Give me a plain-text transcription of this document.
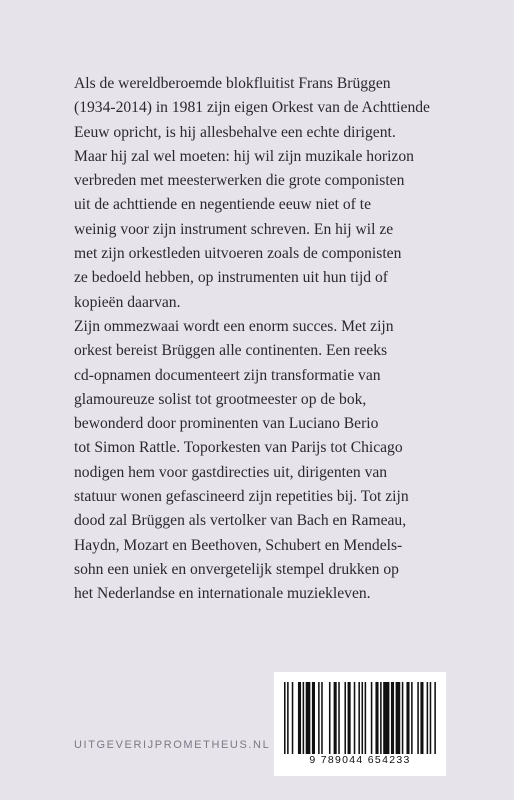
Als de wereldberoemde blokfluitist Frans Brüggen
(1934-2014) in 1981 zijn eigen Orkest van de Achttiende
Eeuw opricht, is hij allesbehalve een echte dirigent.
Maar hij zal wel moeten: hij wil zijn muzikale horizon
verbreden met meesterwerken die grote componisten
uit de achttiende en negentiende eeuw niet of te
weinig voor zijn instrument schreven. En hij wil ze
met zijn orkestleden uitvoeren zoals de componisten
ze bedoeld hebben, op instrumenten uit hun tijd of
kopieën daarvan.

Zijn ommezwaai wordt een enorm succes. Met zijn
orkest bereist Brüggen alle continenten. Een reeks
cd-opnamen documenteert zijn transformatie van
glamoureuze solist tot grootmeester op de bok,
bewonderd door prominenten van Luciano Berio
tot Simon Rattle. Toporkesten van Parijs tot Chicago
nodigen hem voor gastdirecties uit, dirigenten van
statuur wonen gefascineerd zijn repetities bij. Tot zijn
dood zal Brüggen als vertolker van Bach en Rameau,
Haydn, Mozart en Beethoven, Schubert en Mendels-
sohn een uniek en onvergetelijk stempel drukken op
het Nederlandse en internationale muziekleven.

UITGEVERIJPROMETHEUS.NL
9 789044 654233
